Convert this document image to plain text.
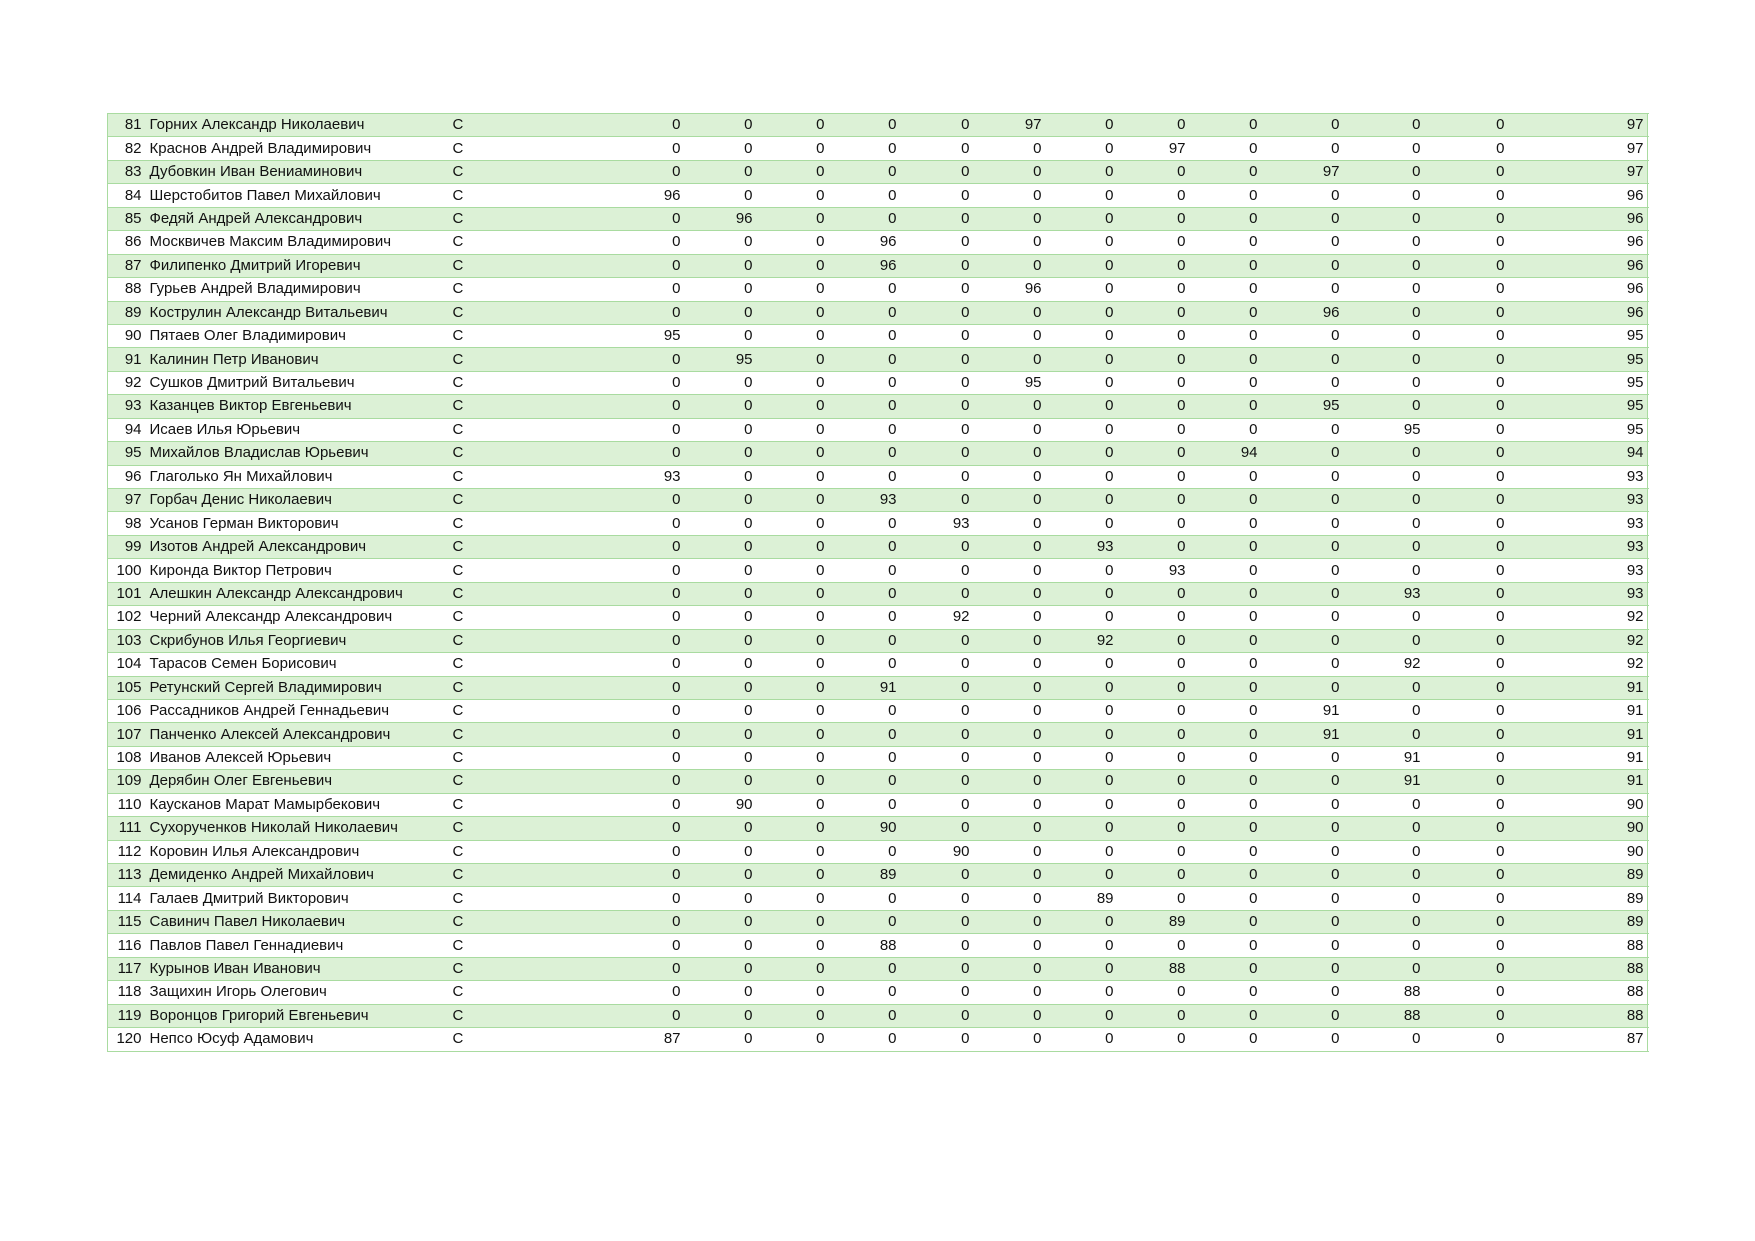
81	Горних Александр Николаевич	С	0	0	0	0	0	97	0	0	0	0	0	0		97	
82	Краснов Андрей Владимирович	С	0	0	0	0	0	0	0	97	0	0	0	0		97	
83	Дубовкин Иван Вениаминович	С	0	0	0	0	0	0	0	0	0	97	0	0		97	
84	Шерстобитов Павел Михайлович	С	96	0	0	0	0	0	0	0	0	0	0	0		96	
85	Федяй Андрей Александрович	С	0	96	0	0	0	0	0	0	0	0	0	0		96	
86	Москвичев Максим Владимирович	С	0	0	0	96	0	0	0	0	0	0	0	0		96	
87	Филипенко Дмитрий Игоревич	С	0	0	0	96	0	0	0	0	0	0	0	0		96	
88	Гурьев Андрей Владимирович	С	0	0	0	0	0	96	0	0	0	0	0	0		96	
89	Кострулин Александр Витальевич	С	0	0	0	0	0	0	0	0	0	96	0	0		96	
90	Пятаев Олег Владимирович	С	95	0	0	0	0	0	0	0	0	0	0	0		95	
91	Калинин Петр Иванович	С	0	95	0	0	0	0	0	0	0	0	0	0		95	
92	Сушков Дмитрий Витальевич	С	0	0	0	0	0	95	0	0	0	0	0	0		95	
93	Казанцев Виктор Евгеньевич	С	0	0	0	0	0	0	0	0	0	95	0	0		95	
94	Исаев Илья Юрьевич	С	0	0	0	0	0	0	0	0	0	0	95	0		95	
95	Михайлов Владислав Юрьевич	С	0	0	0	0	0	0	0	0	94	0	0	0		94	
96	Глаголько Ян Михайлович	С	93	0	0	0	0	0	0	0	0	0	0	0		93	
97	Горбач Денис Николаевич	С	0	0	0	93	0	0	0	0	0	0	0	0		93	
98	Усанов Герман Викторович	С	0	0	0	0	93	0	0	0	0	0	0	0		93	
99	Изотов Андрей Александрович	С	0	0	0	0	0	0	93	0	0	0	0	0		93	
100	Киронда Виктор Петрович	С	0	0	0	0	0	0	0	93	0	0	0	0		93	
101	Алешкин Александр Александрович	С	0	0	0	0	0	0	0	0	0	0	93	0		93	
102	Черний Александр Александрович	С	0	0	0	0	92	0	0	0	0	0	0	0		92	
103	Скрибунов Илья Георгиевич	С	0	0	0	0	0	0	92	0	0	0	0	0		92	
104	Тарасов Семен Борисович	С	0	0	0	0	0	0	0	0	0	0	92	0		92	
105	Ретунский Сергей Владимирович	С	0	0	0	91	0	0	0	0	0	0	0	0		91	
106	Рассадников Андрей Геннадьевич	С	0	0	0	0	0	0	0	0	0	91	0	0		91	
107	Панченко Алексей Александрович	С	0	0	0	0	0	0	0	0	0	91	0	0		91	
108	Иванов Алексей Юрьевич	С	0	0	0	0	0	0	0	0	0	0	91	0		91	
109	Дерябин Олег Евгеньевич	С	0	0	0	0	0	0	0	0	0	0	91	0		91	
110	Каусканов Марат Мамырбекович	С	0	90	0	0	0	0	0	0	0	0	0	0		90	
111	Сухорученков Николай Николаевич	С	0	0	0	90	0	0	0	0	0	0	0	0		90	
112	Коровин Илья Александрович	С	0	0	0	0	90	0	0	0	0	0	0	0		90	
113	Демиденко Андрей Михайлович	С	0	0	0	89	0	0	0	0	0	0	0	0		89	
114	Галаев Дмитрий Викторович	С	0	0	0	0	0	0	89	0	0	0	0	0		89	
115	Савинич Павел Николаевич	С	0	0	0	0	0	0	0	89	0	0	0	0		89	
116	Павлов Павел Геннадиевич	С	0	0	0	88	0	0	0	0	0	0	0	0		88	
117	Курынов Иван Иванович	С	0	0	0	0	0	0	0	88	0	0	0	0		88	
118	Защихин Игорь Олегович	С	0	0	0	0	0	0	0	0	0	0	88	0		88	
119	Воронцов Григорий Евгеньевич	С	0	0	0	0	0	0	0	0	0	0	88	0		88	
120	Непсо Юсуф Адамович	С	87	0	0	0	0	0	0	0	0	0	0	0		87	
